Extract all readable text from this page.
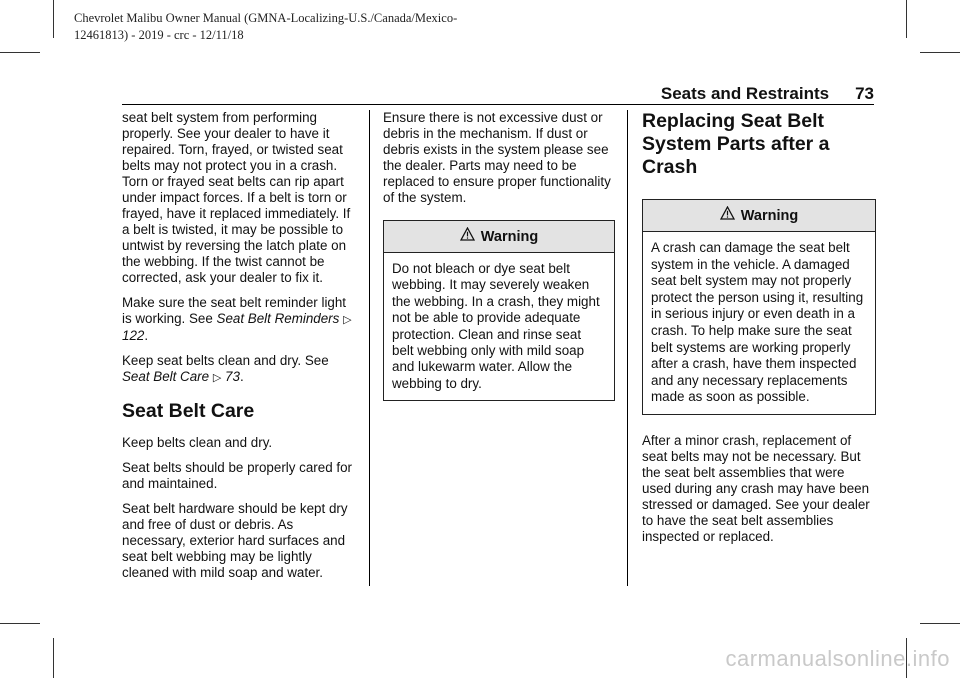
Chevrolet Malibu Owner Manual (GMNA-Localizing-U.S./Canada/Mexico-
12461813) - 2019 - crc - 12/11/18
Seats and Restraints 73

seat belt system from performing properly. See your dealer to have it repaired. Torn, frayed, or twisted seat belts may not protect you in a crash. Torn or frayed seat belts can rip apart under impact forces. If a belt is torn or frayed, have it replaced immediately. If a belt is twisted, it may be possible to untwist by reversing the latch plate on the webbing. If the twist cannot be corrected, ask your dealer to fix it.

Make sure the seat belt reminder light is working. See Seat Belt Reminders ▷ 122.

Keep seat belts clean and dry. See Seat Belt Care ▷ 73.

Seat Belt Care

Keep belts clean and dry.

Seat belts should be properly cared for and maintained.

Seat belt hardware should be kept dry and free of dust or debris. As necessary, exterior hard surfaces and seat belt webbing may be lightly cleaned with mild soap and water.

Ensure there is not excessive dust or debris in the mechanism. If dust or debris exists in the system please see the dealer. Parts may need to be replaced to ensure proper functionality of the system.

Warning
Do not bleach or dye seat belt webbing. It may severely weaken the webbing. In a crash, they might not be able to provide adequate protection. Clean and rinse seat belt webbing only with mild soap and lukewarm water. Allow the webbing to dry.
Replacing Seat Belt System Parts after a Crash
Warning
A crash can damage the seat belt system in the vehicle. A damaged seat belt system may not properly protect the person using it, resulting in serious injury or even death in a crash. To help make sure the seat belt systems are working properly after a crash, have them inspected and any necessary replacements made as soon as possible.

After a minor crash, replacement of seat belts may not be necessary. But the seat belt assemblies that were used during any crash may have been stressed or damaged. See your dealer to have the seat belt assemblies inspected or replaced.

carmanualsonline.info
